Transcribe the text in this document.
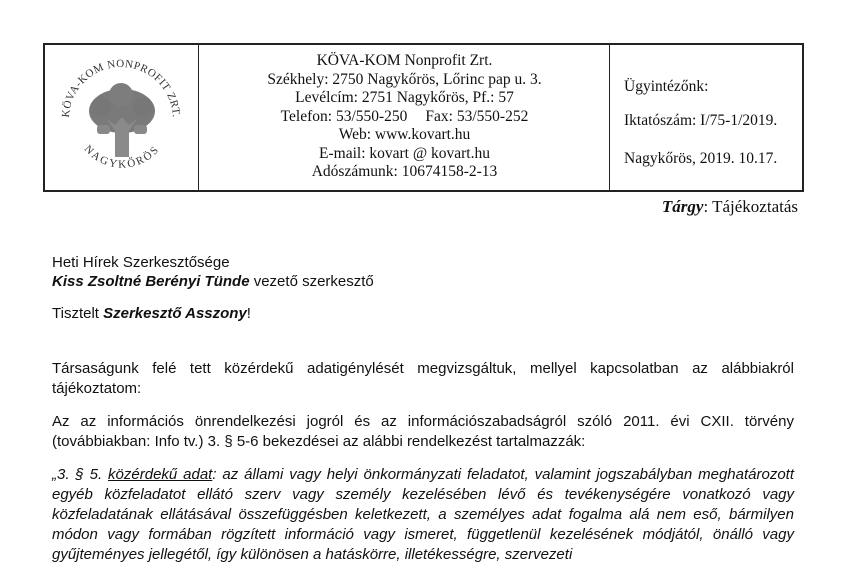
KÖVA-KOM NONPROFIT ZRT.
NAGYKŐRÖS
KÖVA-KOM Nonprofit Zrt.
Székhely: 2750 Nagykőrös, Lőrinc pap u. 3.
Levélcím: 2751 Nagykőrös, Pf.: 57
Telefon: 53/550-250 Fax: 53/550-252
Web: www.kovart.hu
E-mail: kovart @ kovart.hu
Adószámunk: 10674158-2-13
Ügyintézőnk:
Iktatószám: I/75-1/2019.
Nagykőrös, 2019. 10.17.
Tárgy: Tájékoztatás
Heti Hírek Szerkesztősége
Kiss Zsoltné Berényi Tünde vezető szerkesztő
Tisztelt Szerkesztő Asszony!
Társaságunk felé tett közérdekű adatigénylését megvizsgáltuk, mellyel kapcsolatban az alábbiakról tájékoztatom:
Az az információs önrendelkezési jogról és az információszabadságról szóló 2011. évi CXII. törvény (továbbiakban: Info tv.) 3. § 5-6 bekezdései az alábbi rendelkezést tartalmazzák:
„3. § 5. közérdekű adat: az állami vagy helyi önkormányzati feladatot, valamint jogszabályban meghatározott egyéb közfeladatot ellátó szerv vagy személy kezelésében lévő és tevékenységére vonatkozó vagy közfeladatának ellátásával összefüggésben keletkezett, a személyes adat fogalma alá nem eső, bármilyen módon vagy formában rögzített információ vagy ismeret, függetlenül kezelésének módjától, önálló vagy gyűjteményes jellegétől, így különösen a hatáskörre, illetékességre, szervezeti
